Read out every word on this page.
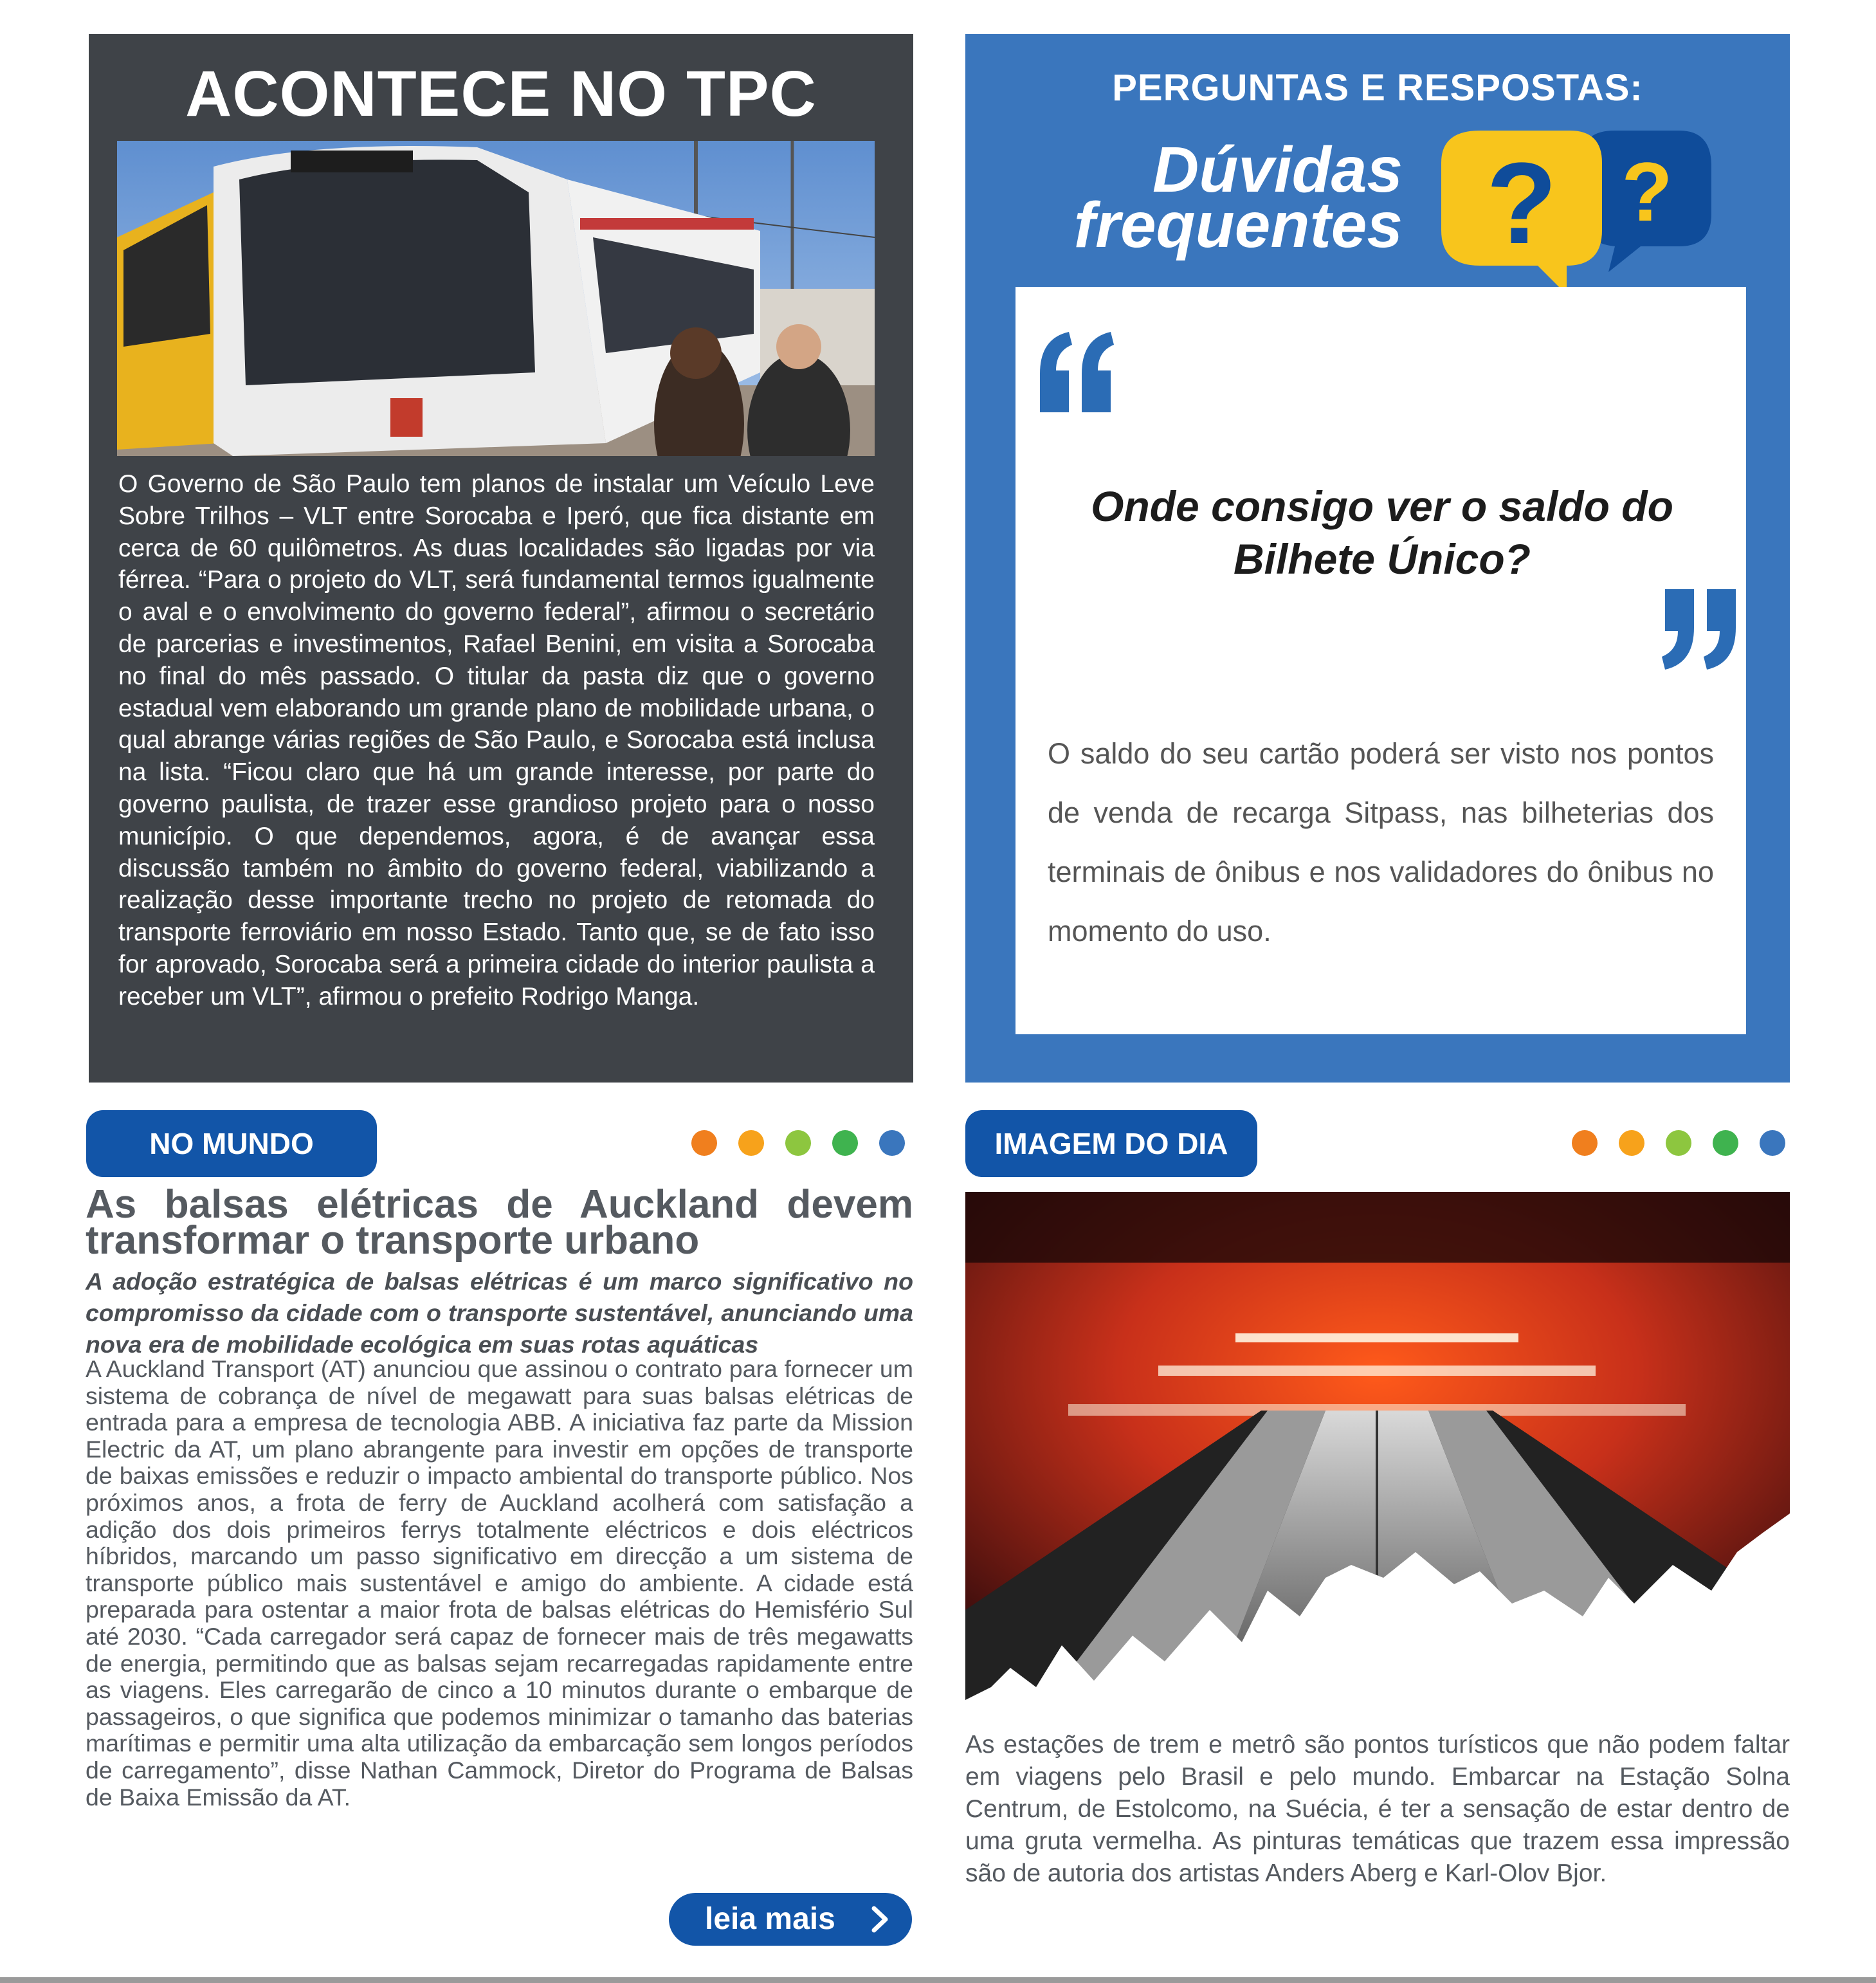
ACONTECE NO TPC
O Governo de São Paulo tem planos de instalar um Veículo Leve Sobre Trilhos – VLT entre Sorocaba e Iperó, que fica distante em cerca de 60 quilômetros. As duas localidades são ligadas por via férrea. “Para o projeto do VLT, será fundamental termos igualmente o aval e o envolvimento do governo federal”, afirmou o secretário de parcerias e investimentos, Rafael Benini, em visita a Sorocaba no final do mês passado. O titular da pasta diz que o governo estadual vem elaborando um grande plano de mobilidade urbana, o qual abrange várias regiões de São Paulo, e Sorocaba está inclusa na lista. “Ficou claro que há um grande interesse, por parte do governo paulista, de trazer esse grandioso projeto para o nosso município. O que dependemos, agora, é de avançar essa discussão também no âmbito do governo federal, viabilizando a realização desse importante trecho no projeto de retomada do transporte ferroviário em nosso Estado. Tanto que, se de fato isso for aprovado, Sorocaba será a primeira cidade do interior paulista a receber um VLT”, afirmou o prefeito Rodrigo Manga.
PERGUNTAS E RESPOSTAS:
Dúvidas
frequentes	?
?
Onde consigo ver o saldo do Bilhete Único?
O saldo do seu cartão poderá ser visto nos pontos de venda de recarga Sitpass, nas bilheterias dos terminais de ônibus e nos validadores do ônibus no momento do uso.
NO MUNDO
As balsas elétricas de Auckland devem transformar o transporte urbano
A adoção estratégica de balsas elétricas é um marco significativo no compromisso da cidade com o transporte sustentável, anunciando uma nova era de mobilidade ecológica em suas rotas aquáticas
A Auckland Transport (AT) anunciou que assinou o contrato para fornecer um sistema de cobrança de nível de megawatt para suas balsas elétricas de entrada para a empresa de tecnologia ABB. A iniciativa faz parte da Mission Electric da AT, um plano abrangente para investir em opções de transporte de baixas emissões e reduzir o impacto ambiental do transporte público. Nos próximos anos, a frota de ferry de Auckland acolherá com satisfação a adição dos dois primeiros ferrys totalmente eléctricos e dois eléctricos híbridos, marcando um passo significativo em direcção a um sistema de transporte público mais sustentável e amigo do ambiente. A cidade está preparada para ostentar a maior frota de balsas elétricas do Hemisfério Sul até 2030. “Cada carregador será capaz de fornecer mais de três megawatts de energia, permitindo que as balsas sejam recarregadas rapidamente entre as viagens. Eles carregarão de cinco a 10 minutos durante o embarque de passageiros, o que significa que podemos minimizar o tamanho das baterias marítimas e permitir uma alta utilização da embarcação sem longos períodos de carregamento”, disse Nathan Cammock, Diretor do Programa de Balsas de Baixa Emissão da AT.
leia mais
IMAGEM DO DIA
As estações de trem e metrô são pontos turísticos que não podem faltar em viagens pelo Brasil e pelo mundo. Embarcar na Estação Solna Centrum, de Estolcomo, na Suécia, é ter a sensação de estar dentro de uma gruta vermelha. As pinturas temáticas que trazem essa impressão são de autoria dos artistas Anders Aberg e Karl-Olov Bjor.
